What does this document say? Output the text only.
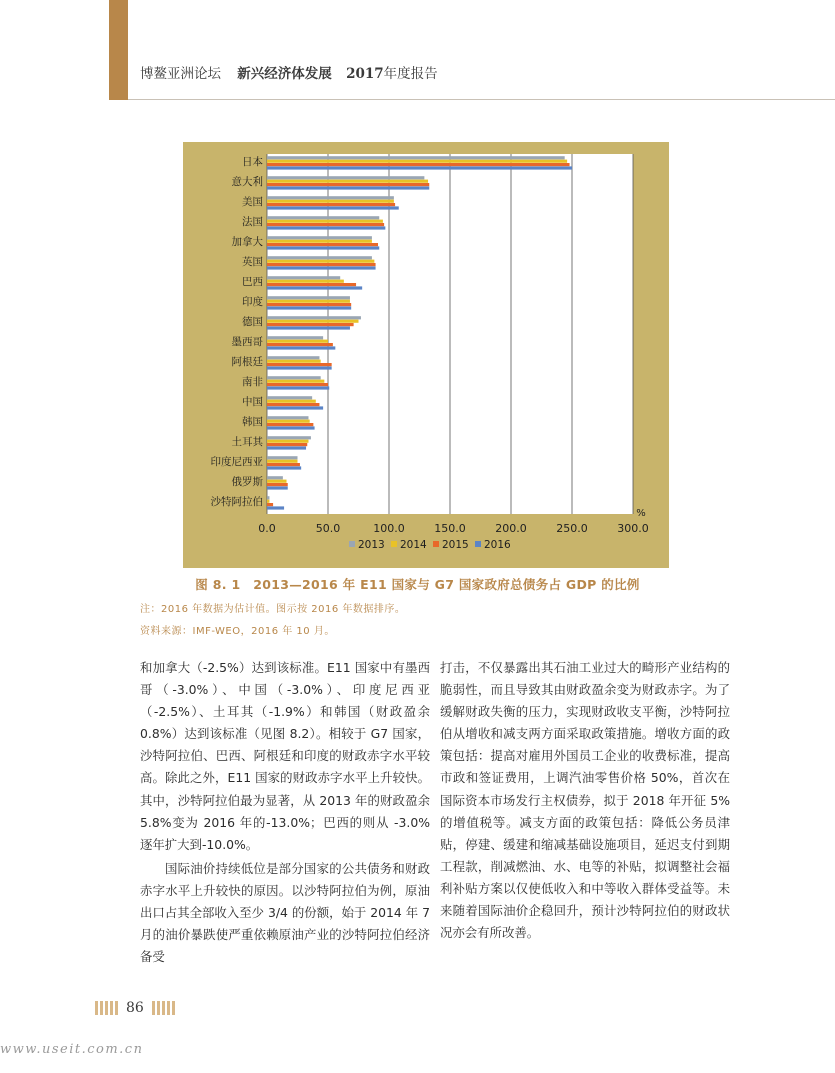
博鳌亚洲论坛 新兴经济体发展 2017年度报告
0.0	50.0	100.0	150.0	200.0	250.0	300.0
%
日本
意大利
美国
法国
加拿大
英国
巴西
印度
德国
墨西哥
阿根廷
南非
中国
韩国
土耳其
印度尼西亚
俄罗斯
沙特阿拉伯
2013 2014 2015 2016
图 8. 1　2013—2016 年 E11 国家与 G7 国家政府总债务占 GDP 的比例
注：2016 年数据为估计值。图示按 2016 年数据排序。
资料来源：IMF-WEO，2016 年 10 月。

和加拿大（-2.5%）达到该标准。E11 国家中有墨西哥（-3.0%）、中国（-3.0%）、印度尼西亚（-2.5%）、土耳其（-1.9%）和韩国（财政盈余 0.8%）达到该标准（见图 8.2）。相较于 G7 国家，沙特阿拉伯、巴西、阿根廷和印度的财政赤字水平较高。除此之外，E11 国家的财政赤字水平上升较快。其中，沙特阿拉伯最为显著，从 2013 年的财政盈余 5.8%变为 2016 年的-13.0%；巴西的则从 -3.0% 逐年扩大到-10.0%。

国际油价持续低位是部分国家的公共债务和财政赤字水平上升较快的原因。以沙特阿拉伯为例，原油出口占其全部收入至少 3/4 的份额，始于 2014 年 7 月的油价暴跌使严重依赖原油产业的沙特阿拉伯经济备受

打击，不仅暴露出其石油工业过大的畸形产业结构的脆弱性，而且导致其由财政盈余变为财政赤字。为了缓解财政失衡的压力，实现财政收支平衡，沙特阿拉伯从增收和减支两方面采取政策措施。增收方面的政策包括：提高对雇用外国员工企业的收费标准，提高市政和签证费用，上调汽油零售价格 50%，首次在国际资本市场发行主权债券，拟于 2018 年开征 5%的增值税等。减支方面的政策包括：降低公务员津贴，停建、缓建和缩减基础设施项目，延迟支付到期工程款，削减燃油、水、电等的补贴，拟调整社会福利补贴方案以仅使低收入和中等收入群体受益等。未来随着国际油价企稳回升，预计沙特阿拉伯的财政状况亦会有所改善。

86
www.useit.com.cn
